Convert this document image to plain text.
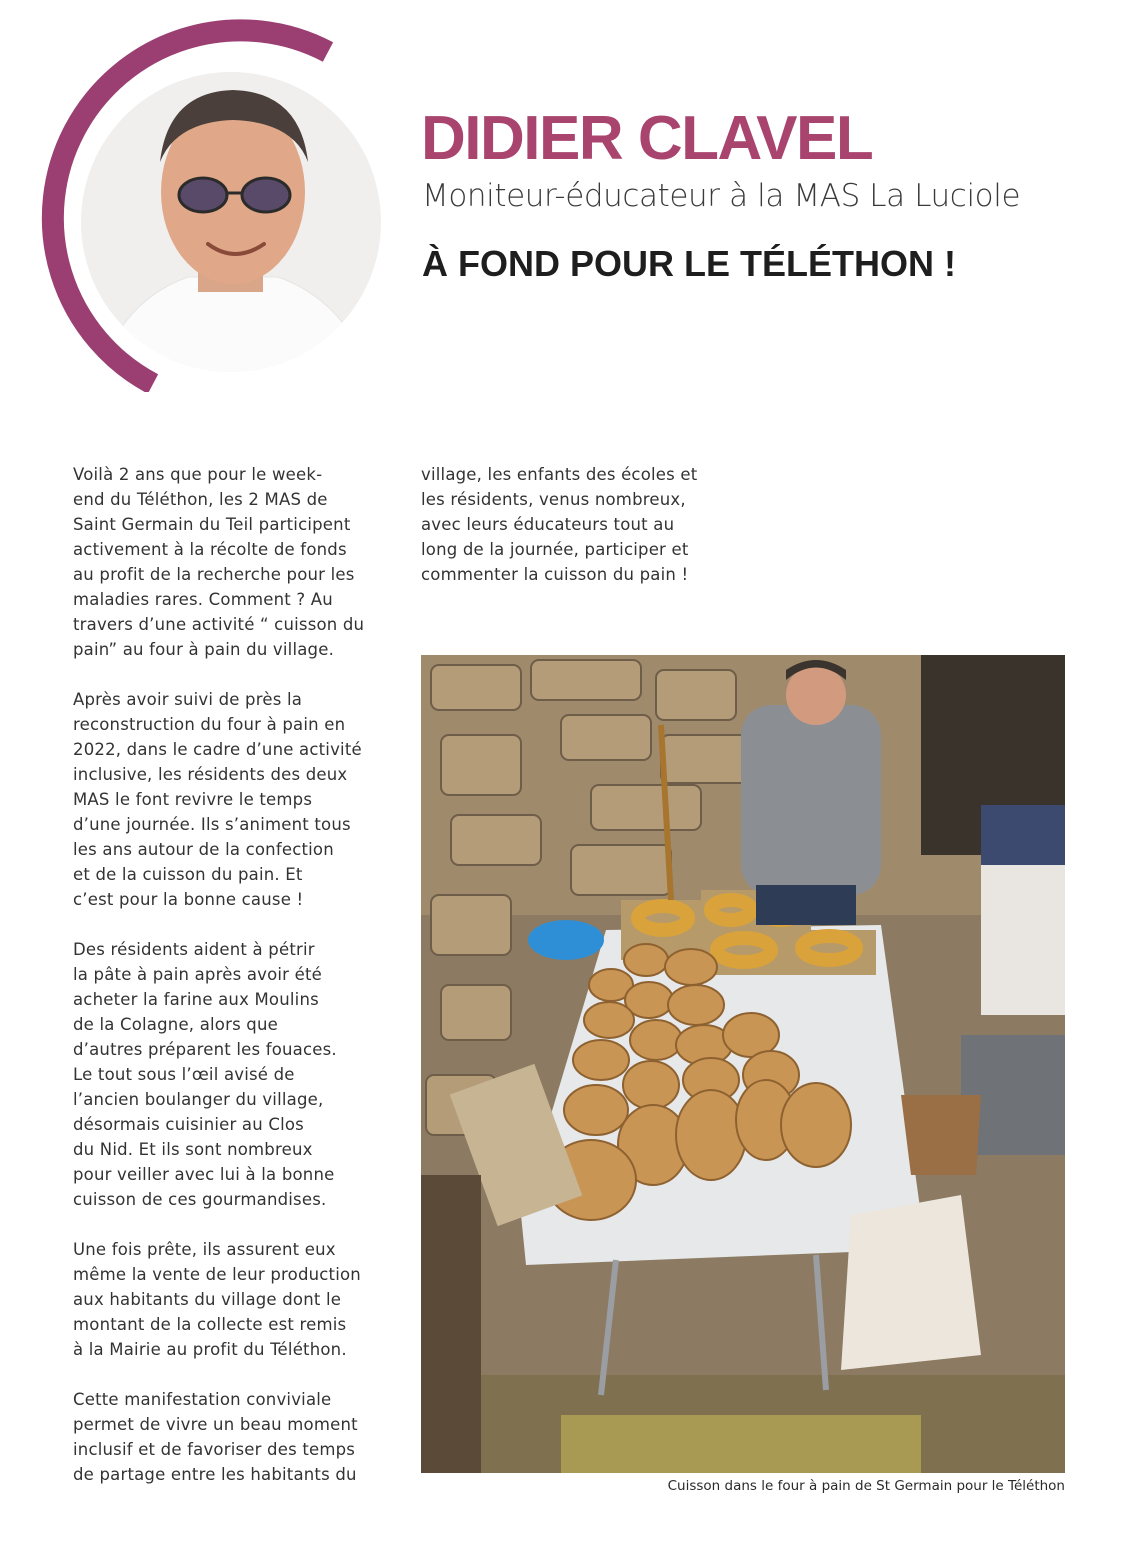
DIDIER CLAVEL

Moniteur-éducateur à la MAS La Luciole

À FOND POUR LE TÉLÉTHON !

Voilà 2 ans que pour le week-
end du Téléthon, les 2 MAS de
Saint Germain du Teil participent
activement à la récolte de fonds
au profit de la recherche pour les
maladies rares. Comment ? Au
travers d’une activité “ cuisson du
pain” au four à pain du village.

Après avoir suivi de près la
reconstruction du four à pain en
2022, dans le cadre d’une activité
inclusive, les résidents des deux
MAS le font revivre le temps
d’une journée. Ils s’animent tous
les ans autour de la confection
et de la cuisson du pain. Et
c’est pour la bonne cause !

Des résidents aident à pétrir
la pâte à pain après avoir été
acheter la farine aux Moulins
de la Colagne, alors que
d’autres préparent les fouaces.
Le tout sous l’œil avisé de
l’ancien boulanger du village,
désormais cuisinier au Clos
du Nid. Et ils sont nombreux
pour veiller avec lui à la bonne
cuisson de ces gourmandises.

Une fois prête, ils assurent eux
même la vente de leur production
aux habitants du village dont le
montant de la collecte est remis
à la Mairie au profit du Téléthon.

Cette manifestation conviviale
permet de vivre un beau moment
inclusif et de favoriser des temps
de partage entre les habitants du

village, les enfants des écoles et
les résidents, venus nombreux,
avec leurs éducateurs tout au
long de la journée, participer et
commenter la cuisson du pain !

Cuisson dans le four à pain de St Germain pour le Téléthon
